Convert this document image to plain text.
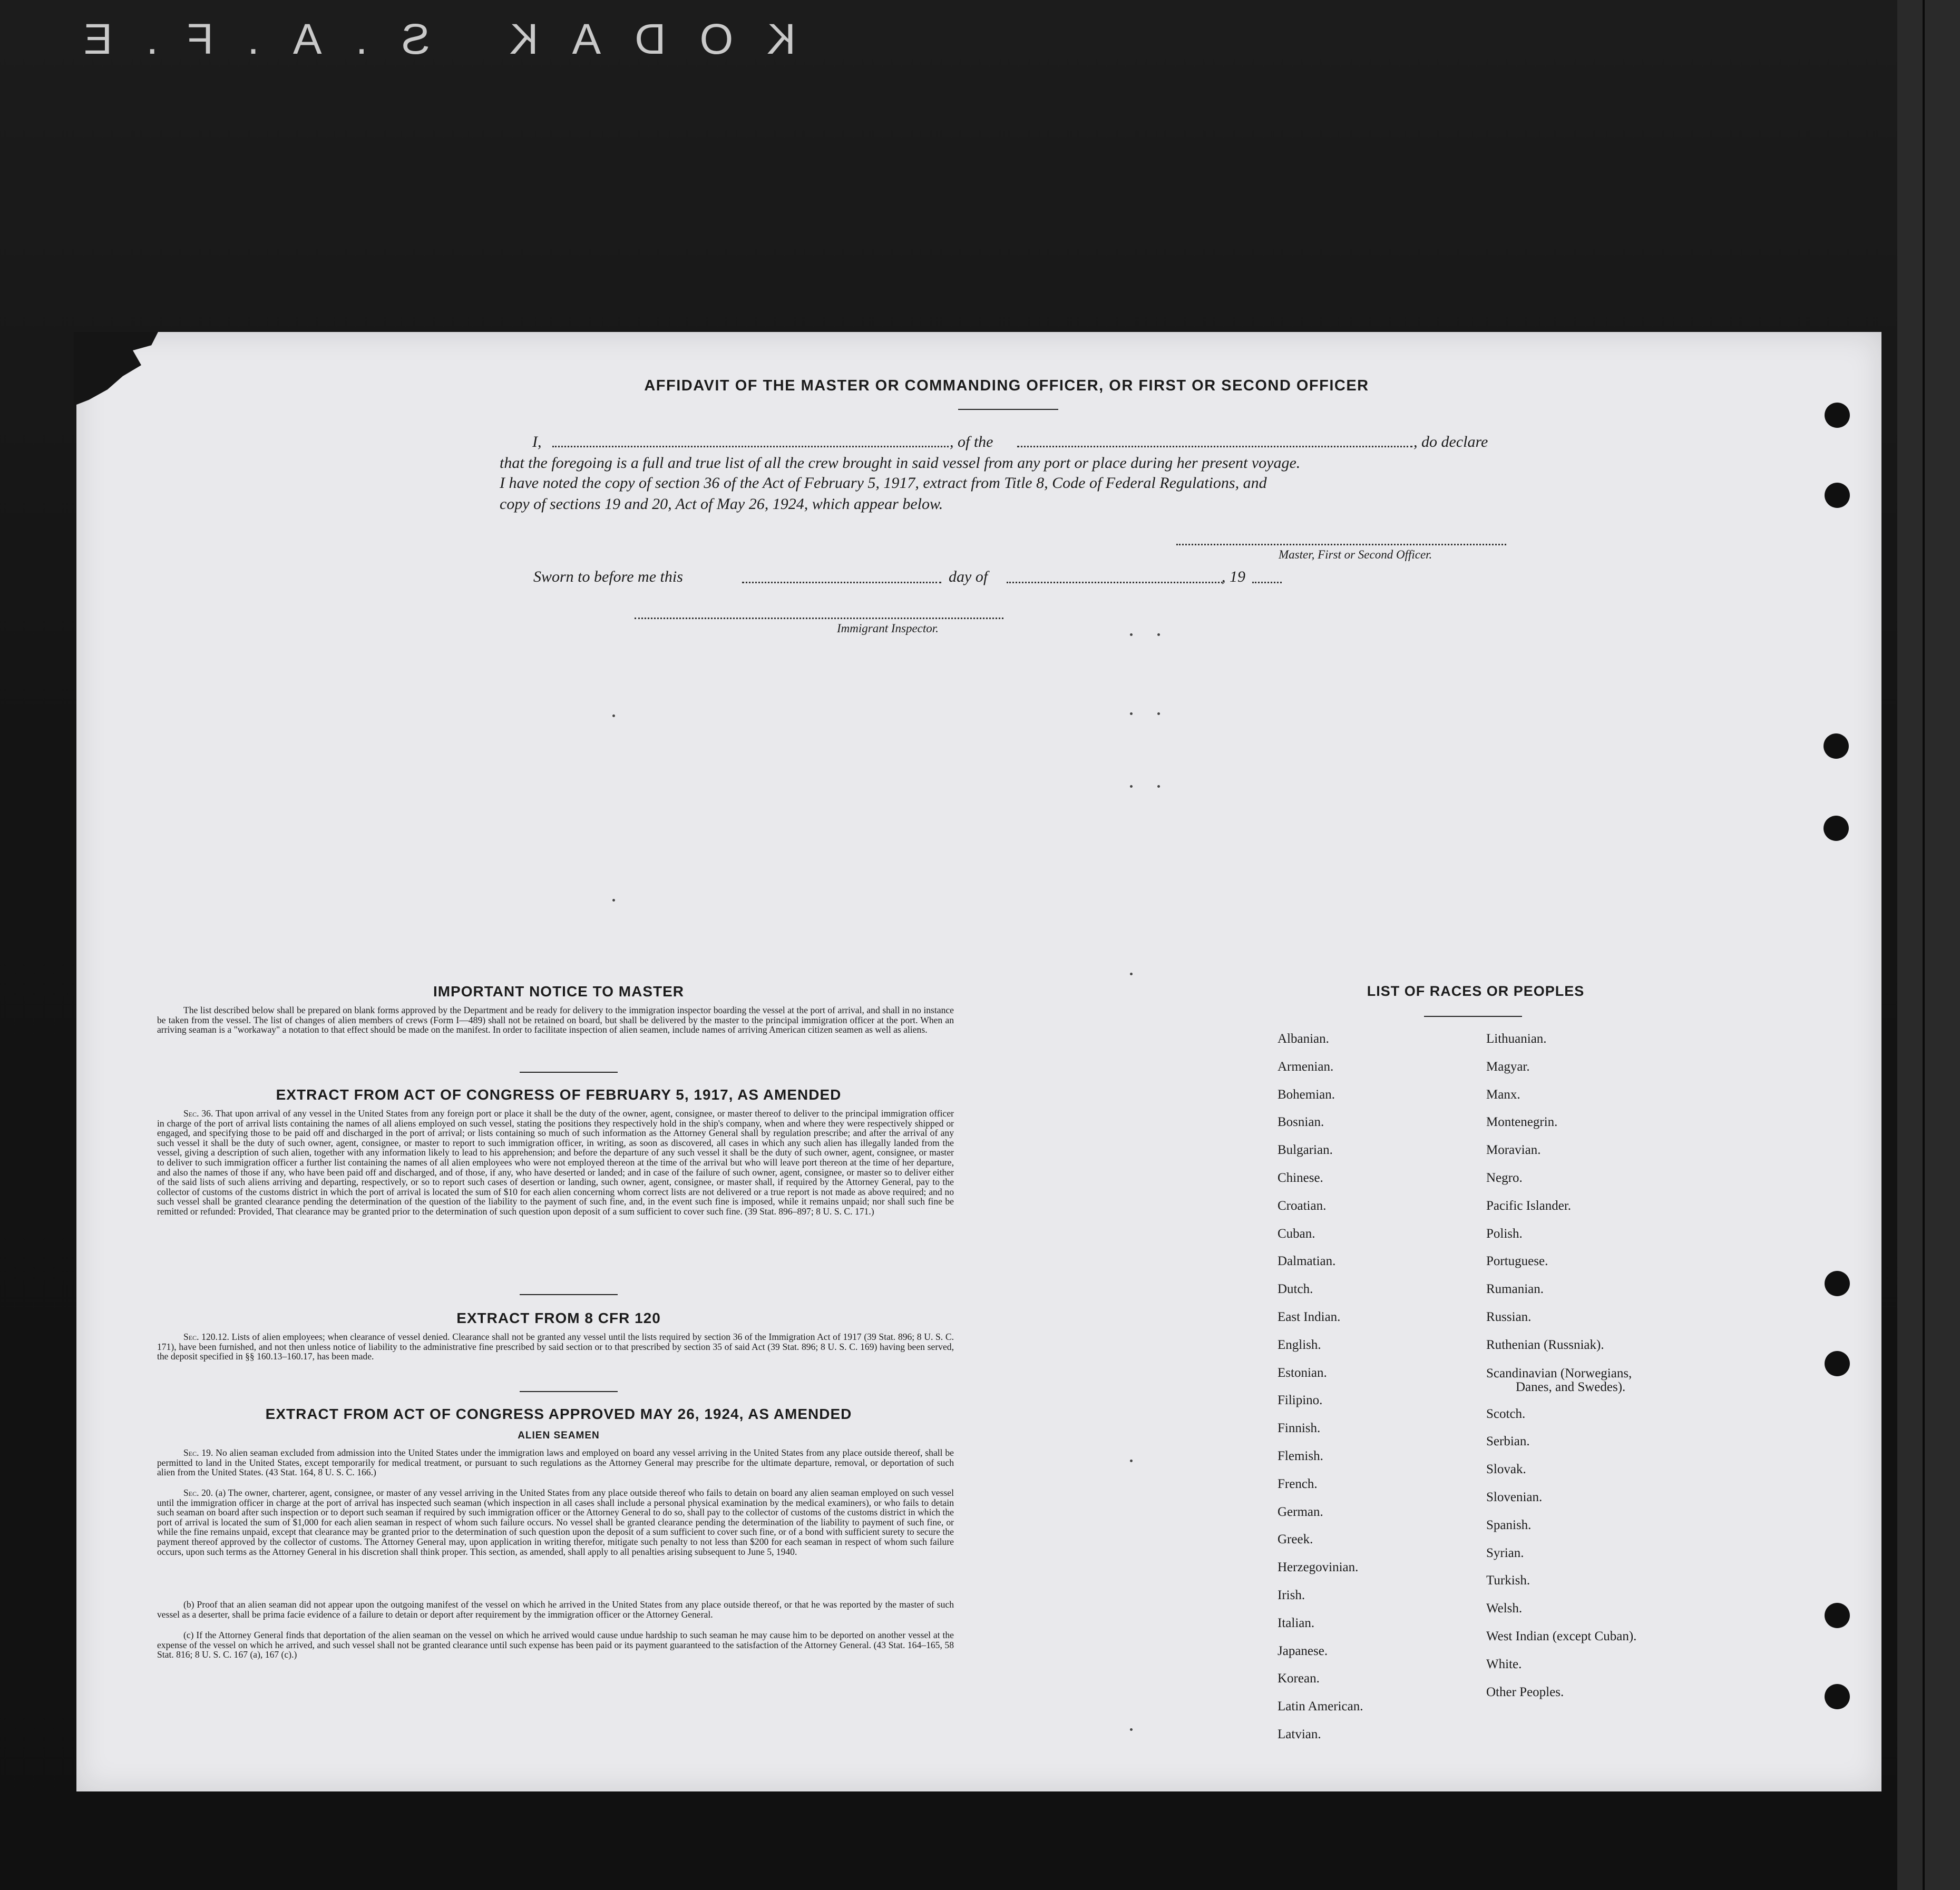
KODAK S.A.F.E
AFFIDAVIT OF THE MASTER OR COMMANDING OFFICER, OR FIRST OR SECOND OFFICER
I,	, of the	, do declare
that the foregoing is a full and true list of all the crew brought in said vessel from any port or place during her present voyage.
I have noted the copy of section 36 of the Act of February 5, 1917, extract from Title 8, Code of Federal Regulations, and
copy of sections 19 and 20, Act of May 26, 1924, which appear below.
Master, First or Second Officer.
Sworn to before me this	day of	, 19
Immigrant Inspector.
IMPORTANT NOTICE TO MASTER

The list described below shall be prepared on blank forms approved by the Department and be ready for delivery to the immigration inspector boarding the vessel at the port of arrival, and shall in no instance be taken from the vessel. The list of changes of alien members of crews (Form I—489) shall not be retained on board, but shall be delivered by the master to the principal immigration officer at the port. When an arriving seaman is a "workaway" a notation to that effect should be made on the manifest. In order to facilitate inspection of alien seamen, include names of arriving American citizen seamen as well as aliens.

EXTRACT FROM ACT OF CONGRESS OF FEBRUARY 5, 1917, AS AMENDED

Sec. 36. That upon arrival of any vessel in the United States from any foreign port or place it shall be the duty of the owner, agent, consignee, or master thereof to deliver to the principal immigration officer in charge of the port of arrival lists containing the names of all aliens employed on such vessel, stating the positions they respectively hold in the ship's company, when and where they were respectively shipped or engaged, and specifying those to be paid off and discharged in the port of arrival; or lists containing so much of such information as the Attorney General shall by regulation prescribe; and after the arrival of any such vessel it shall be the duty of such owner, agent, consignee, or master to report to such immigration officer, in writing, as soon as discovered, all cases in which any such alien has illegally landed from the vessel, giving a description of such alien, together with any information likely to lead to his apprehension; and before the departure of any such vessel it shall be the duty of such owner, agent, consignee, or master to deliver to such immigration officer a further list containing the names of all alien employees who were not employed thereon at the time of the arrival but who will leave port thereon at the time of her departure, and also the names of those if any, who have been paid off and discharged, and of those, if any, who have deserted or landed; and in case of the failure of such owner, agent, consignee, or master so to deliver either of the said lists of such aliens arriving and departing, respectively, or so to report such cases of desertion or landing, such owner, agent, consignee, or master shall, if required by the Attorney General, pay to the collector of customs of the customs district in which the port of arrival is located the sum of $10 for each alien concerning whom correct lists are not delivered or a true report is not made as above required; and no such vessel shall be granted clearance pending the determination of the question of the liability to the payment of such fine, and, in the event such fine is imposed, while it remains unpaid; nor shall such fine be remitted or refunded: Provided, That clearance may be granted prior to the determination of such question upon deposit of a sum sufficient to cover such fine. (39 Stat. 896–897; 8 U. S. C. 171.)

EXTRACT FROM 8 CFR 120

Sec. 120.12. Lists of alien employees; when clearance of vessel denied. Clearance shall not be granted any vessel until the lists required by section 36 of the Immigration Act of 1917 (39 Stat. 896; 8 U. S. C. 171), have been furnished, and not then unless notice of liability to the administrative fine prescribed by said section or to that prescribed by section 35 of said Act (39 Stat. 896; 8 U. S. C. 169) having been served, the deposit specified in §§ 160.13–160.17, has been made.

EXTRACT FROM ACT OF CONGRESS APPROVED MAY 26, 1924, AS AMENDED
ALIEN SEAMEN

Sec. 19. No alien seaman excluded from admission into the United States under the immigration laws and employed on board any vessel arriving in the United States from any place outside thereof, shall be permitted to land in the United States, except temporarily for medical treatment, or pursuant to such regulations as the Attorney General may prescribe for the ultimate departure, removal, or deportation of such alien from the United States. (43 Stat. 164, 8 U. S. C. 166.)

Sec. 20. (a) The owner, charterer, agent, consignee, or master of any vessel arriving in the United States from any place outside thereof who fails to detain on board any alien seaman employed on such vessel until the immigration officer in charge at the port of arrival has inspected such seaman (which inspection in all cases shall include a personal physical examination by the medical examiners), or who fails to detain such seaman on board after such inspection or to deport such seaman if required by such immigration officer or the Attorney General to do so, shall pay to the collector of customs of the customs district in which the port of arrival is located the sum of $1,000 for each alien seaman in respect of whom such failure occurs. No vessel shall be granted clearance pending the determination of the liability to payment of such fine, or while the fine remains unpaid, except that clearance may be granted prior to the determination of such question upon the deposit of a sum sufficient to cover such fine, or of a bond with sufficient surety to secure the payment thereof approved by the collector of customs. The Attorney General may, upon application in writing therefor, mitigate such penalty to not less than $200 for each seaman in respect of whom such failure occurs, upon such terms as the Attorney General in his discretion shall think proper. This section, as amended, shall apply to all penalties arising subsequent to June 5, 1940.

(b) Proof that an alien seaman did not appear upon the outgoing manifest of the vessel on which he arrived in the United States from any place outside thereof, or that he was reported by the master of such vessel as a deserter, shall be prima facie evidence of a failure to detain or deport after requirement by the immigration officer or the Attorney General.

(c) If the Attorney General finds that deportation of the alien seaman on the vessel on which he arrived would cause undue hardship to such seaman he may cause him to be deported on another vessel at the expense of the vessel on which he arrived, and such vessel shall not be granted clearance until such expense has been paid or its payment guaranteed to the satisfaction of the Attorney General. (43 Stat. 164–165, 58 Stat. 816; 8 U. S. C. 167 (a), 167 (c).)

LIST OF RACES OR PEOPLES
Albanian.
Armenian.
Bohemian.
Bosnian.
Bulgarian.
Chinese.
Croatian.
Cuban.
Dalmatian.
Dutch.
East Indian.
English.
Estonian.
Filipino.
Finnish.
Flemish.
French.
German.
Greek.
Herzegovinian.
Irish.
Italian.
Japanese.
Korean.
Latin American.
Latvian.
Lithuanian.
Magyar.
Manx.
Montenegrin.
Moravian.
Negro.
Pacific Islander.
Polish.
Portuguese.
Rumanian.
Russian.
Ruthenian (Russniak).
Scandinavian (Norwegians,
Danes, and Swedes).
Scotch.
Serbian.
Slovak.
Slovenian.
Spanish.
Syrian.
Turkish.
Welsh.
West Indian (except Cuban).
White.
Other Peoples.
